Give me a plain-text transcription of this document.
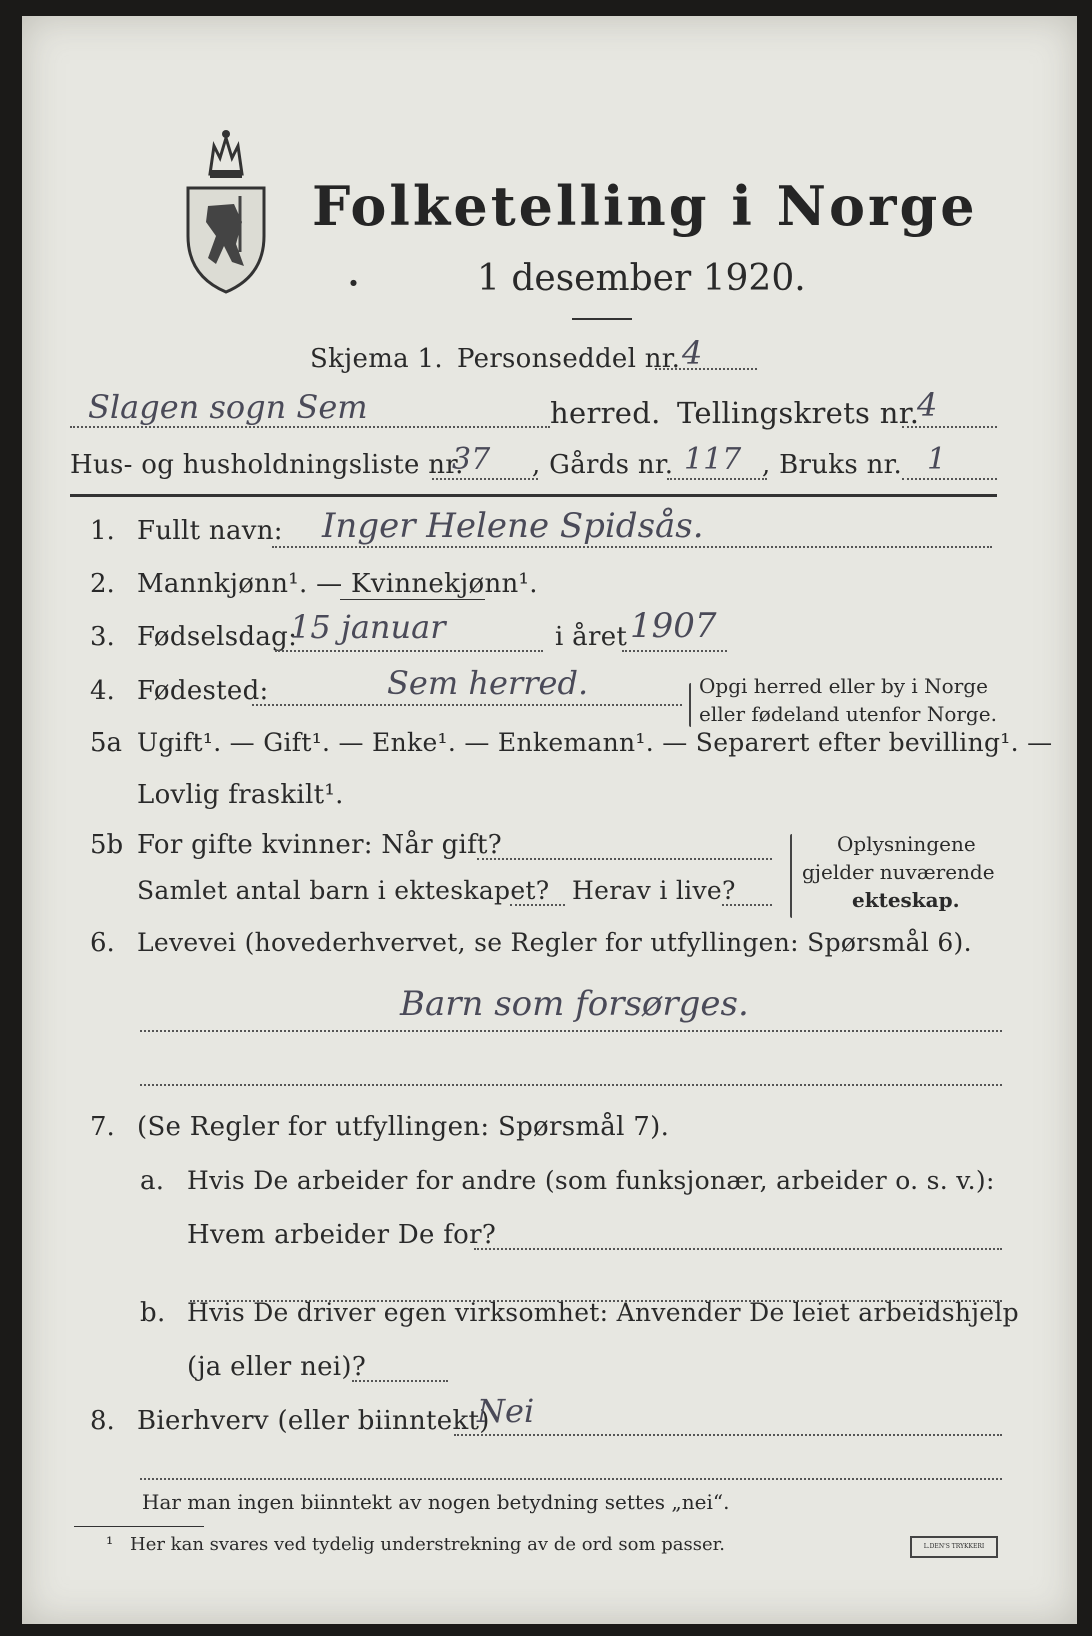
Folketelling i Norge
●	1 desember 1920.
Skjema 1. Personseddel nr. 4
Slagen sogn Sem	herred. Tellingskrets nr.
4
Hus- og husholdningsliste nr.
37 , Gårds nr. 117 , Bruks nr. 1
1. Fullt navn: Inger Helene Spidsås.
2. Mannkjønn¹. — Kvinnekjønn¹.
3. Fødselsdag:
15 januar	i året 1907
4. Fødested:	Sem herred.	Opgi herred eller by i Norge
eller fødeland utenfor Norge.
5a Ugift¹. — Gift¹. — Enke¹. — Enkemann¹. — Separert efter bevilling¹. —
Lovlig fraskilt¹.
5b For gifte kvinner: Når gift?
Samlet antal barn i ekteskapet? Herav i live?
Oplysningene
gjelder nuværende
ekteskap.
6. Levevei (hovederhvervet, se Regler for utfyllingen: Spørsmål 6).
Barn som forsørges.
7. (Se Regler for utfyllingen: Spørsmål 7).
a. Hvis De arbeider for andre (som funksjonær, arbeider o. s. v.):
Hvem arbeider De for?
b. Hvis De driver egen virksomhet: Anvender De leiet arbeidshjelp
(ja eller nei)?
8. Bierhverv (eller biinntekt)
Nei
Har man ingen biinntekt av nogen betydning settes „nei“.
¹ Her kan svares ved tydelig understrekning av de ord som passer.	L.DEN'S TRYKKERI
